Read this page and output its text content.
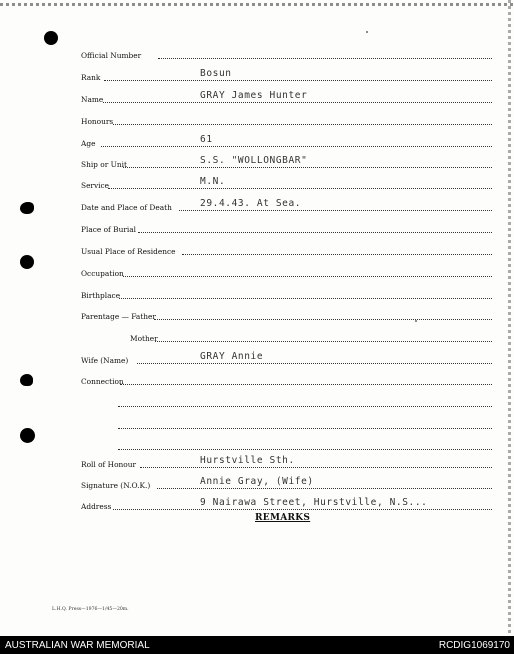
Official Number
Rank	Bosun
Name	GRAY James Hunter
Honours
Age	61
Ship or Unit	S.S. "WOLLONGBAR"
Service	M.N.
Date and Place of Death	29.4.43. At Sea.
Place of Burial
Usual Place of Residence
Occupation
Birthplace
Parentage — Father
Mother
Wife (Name)	GRAY Annie
Connection
Roll of Honour	Hurstville Sth.
Signature (N.O.K.)	Annie Gray, (Wife)
Address	9 Nairawa Street, Hurstville, N.S...
REMARKS
L.H.Q. Press—1976—1/45—20m.
AUSTRALIAN WAR MEMORIAL	RCDIG1069170
